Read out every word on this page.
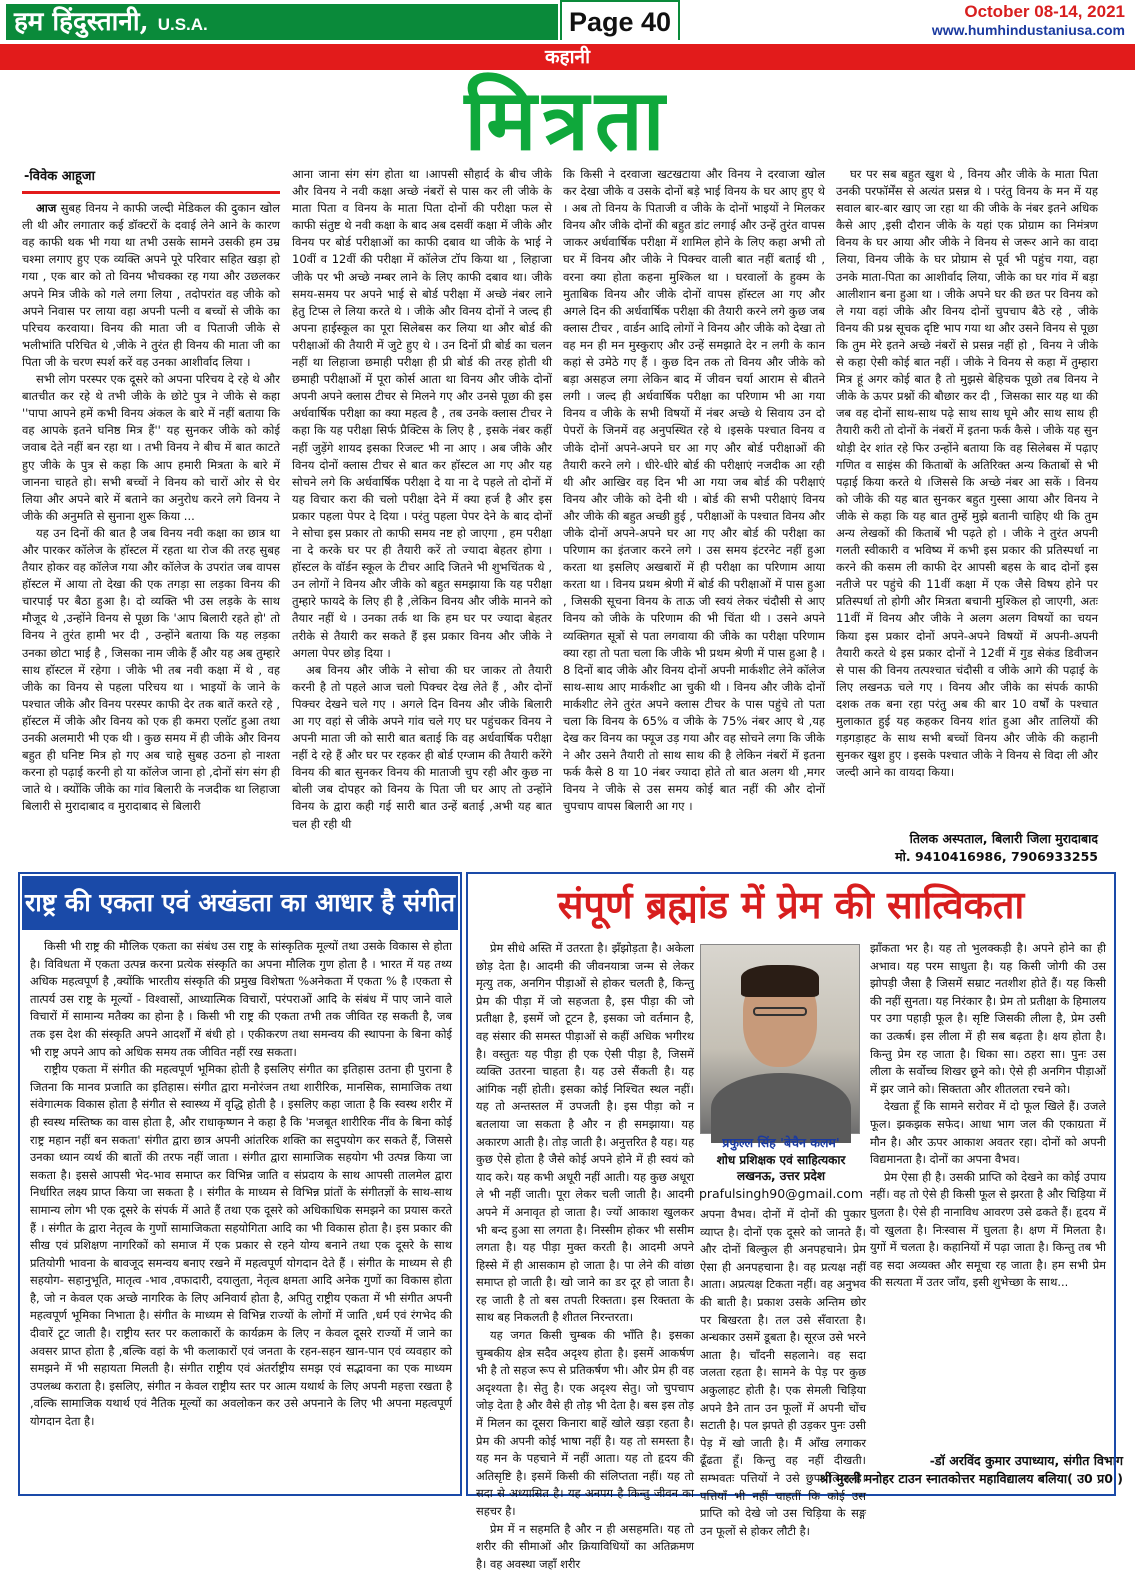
हम हिंदुस्तानी, U.S.A.	Page 40	October 08-14, 2021
www.humhindustaniusa.com
कहानी
मित्रता

-विवेक आहूजा

आज सुबह विनय ने काफी जल्दी मेडिकल की दुकान खोल ली थी और लगातार कई डॉक्टरों के दवाई लेने आने के कारण वह काफी थक भी गया था तभी उसके सामने उसकी हम उम्र चश्मा लगाए हुए एक व्यक्ति अपने पूरे परिवार सहित खड़ा हो गया , एक बार को तो विनय भौचक्का रह गया और उछलकर अपने मित्र जीके को गले लगा लिया , तदोपरांत वह जीके को अपने निवास पर लाया वहा अपनी पत्नी व बच्चों से जीके का परिचय करवाया। विनय की माता जी व पिताजी जीके से भलीभांति परिचित थे ,जीके ने तुरंत ही विनय की माता जी का पिता जी के चरण स्पर्श करें वह उनका आशीर्वाद लिया ।

सभी लोग परस्पर एक दूसरे को अपना परिचय दे रहे थे और बातचीत कर रहे थे तभी जीके के छोटे पुत्र ने जीके से कहा ''पापा आपने हमें कभी विनय अंकल के बारे में नहीं बताया कि वह आपके इतने घनिष्ठ मित्र हैं'' यह सुनकर जीके को कोई जवाब देते नहीं बन रहा था । तभी विनय ने बीच में बात काटते हुए जीके के पुत्र से कहा कि आप हमारी मित्रता के बारे में जानना चाहते हो। सभी बच्चों ने विनय को चारों ओर से घेर लिया और अपने बारे में बताने का अनुरोध करने लगे विनय ने जीके की अनुमति से सुनाना शुरू किया ...

यह उन दिनों की बात है जब विनय नवी कक्षा का छात्र था और पारकर कॉलेज के हॉस्टल में रहता था रोज की तरह सुबह तैयार होकर वह कॉलेज गया और कॉलेज के उपरांत जब वापस हॉस्टल में आया तो देखा की एक तगड़ा सा लड़का विनय की चारपाई पर बैठा हुआ है। दो व्यक्ति भी उस लड़के के साथ मौजूद थे ,उन्होंने विनय से पूछा कि 'आप बिलारी रहते हो' तो विनय ने तुरंत हामी भर दी , उन्होंने बताया कि यह लड़का उनका छोटा भाई है , जिसका नाम जीके हैं और यह अब तुम्हारे साथ हॉस्टल में रहेगा । जीके भी तब नवी कक्षा में थे , वह जीके का विनय से पहला परिचय था । भाइयों के जाने के पश्चात जीके और विनय परस्पर काफी देर तक बातें करते रहे , हॉस्टल में जीके और विनय को एक ही कमरा एलॉट हुआ तथा उनकी अलमारी भी एक थी । कुछ समय में ही जीके और विनय बहुत ही घनिष्ट मित्र हो गए अब चाहे सुबह उठना हो नाश्ता करना हो पढ़ाई करनी हो या कॉलेज जाना हो ,दोनों संग संग ही जाते थे । क्योंकि जीके का गांव बिलारी के नजदीक था लिहाजा बिलारी से मुरादाबाद व मुरादाबाद से बिलारी

आना जाना संग संग होता था ।आपसी सौहार्द के बीच जीके और विनय ने नवी कक्षा अच्छे नंबरों से पास कर ली जीके के माता पिता व विनय के माता पिता दोनों की परीक्षा फल से काफी संतुष्ट थे नवी कक्षा के बाद अब दसवीं कक्षा में जीके और विनय पर बोर्ड परीक्षाओं का काफी दबाव था जीके के भाई ने 10वीं व 12वीं की परीक्षा में कॉलेज टॉप किया था , लिहाजा जीके पर भी अच्छे नम्बर लाने के लिए काफी दबाव था। जीके समय-समय पर अपने भाई से बोर्ड परीक्षा में अच्छे नंबर लाने हेतु टिप्स ले लिया करते थे । जीके और विनय दोनों ने जल्द ही अपना हाईस्कूल का पूरा सिलेबस कर लिया था और बोर्ड की परीक्षाओं की तैयारी में जुटे हुए थे । उन दिनों प्री बोर्ड का चलन नहीं था लिहाजा छमाही परीक्षा ही प्री बोर्ड की तरह होती थी छमाही परीक्षाओं में पूरा कोर्स आता था विनय और जीके दोनों अपनी अपने क्लास टीचर से मिलने गए और उनसे पूछा की इस अर्धवार्षिक परीक्षा का क्या महत्व है , तब उनके क्लास टीचर ने कहा कि यह परीक्षा सिर्फ प्रैक्टिस के लिए है , इसके नंबर कहीं नहीं जुड़ेंगे शायद इसका रिजल्ट भी ना आए । अब जीके और विनय दोनों क्लास टीचर से बात कर हॉस्टल आ गए और यह सोचने लगे कि अर्धवार्षिक परीक्षा दे या ना दे पहले तो दोनों में यह विचार करा की चलो परीक्षा देने में क्या हर्ज है और इस प्रकार पहला पेपर दे दिया । परंतु पहला पेपर देने के बाद दोनों ने सोचा इस प्रकार तो काफी समय नष्ट हो जाएगा , हम परीक्षा ना दे करके घर पर ही तैयारी करें तो ज्यादा बेहतर होगा । हॉस्टल के वॉर्डन स्कूल के टीचर आदि जितने भी शुभचिंतक थे , उन लोगों ने विनय और जीके को बहुत समझाया कि यह परीक्षा तुम्हारे फायदे के लिए ही है ,लेकिन विनय और जीके मानने को तैयार नहीं थे । उनका तर्क था कि हम घर पर ज्यादा बेहतर तरीके से तैयारी कर सकते हैं इस प्रकार विनय और जीके ने अगला पेपर छोड़ दिया ।

अब विनय और जीके ने सोचा की घर जाकर तो तैयारी करनी है तो पहले आज चलो पिक्चर देख लेते हैं , और दोनों पिक्चर देखने चले गए । अगले दिन विनय और जीके बिलारी आ गए वहां से जीके अपने गांव चले गए घर पहुंचकर विनय ने अपनी माता जी को सारी बात बताई कि वह अर्धवार्षिक परीक्षा नहीं दे रहे हैं और घर पर रहकर ही बोर्ड एग्जाम की तैयारी करेंगे विनय की बात सुनकर विनय की माताजी चुप रही और कुछ ना बोली जब दोपहर को विनय के पिता जी घर आए तो उन्होंने विनय के द्वारा कही गई सारी बात उन्हें बताई ,अभी यह बात चल ही रही थी

कि किसी ने दरवाजा खटखटाया और विनय ने दरवाजा खोल कर देखा जीके व उसके दोनों बड़े भाई विनय के घर आए हुए थे । अब तो विनय के पिताजी व जीके के दोनों भाइयों ने मिलकर विनय और जीके दोनों की बहुत डांट लगाई और उन्हें तुरंत वापस जाकर अर्धवार्षिक परीक्षा में शामिल होने के लिए कहा अभी तो घर में विनय और जीके ने पिक्चर वाली बात नहीं बताई थी , वरना क्या होता कहना मुश्किल था । घरवालों के हुक्म के मुताबिक विनय और जीके दोनों वापस हॉस्टल आ गए और अगले दिन की अर्धवार्षिक परीक्षा की तैयारी करने लगे कुछ जब क्लास टीचर , वार्डन आदि लोगों ने विनय और जीके को देखा तो वह मन ही मन मुस्कुराए और उन्हें समझाते देर न लगी के कान कहां से उमेठे गए हैं । कुछ दिन तक तो विनय और जीके को बड़ा असहज लगा लेकिन बाद में जीवन चर्या आराम से बीतने लगी । जल्द ही अर्धवार्षिक परीक्षा का परिणाम भी आ गया विनय व जीके के सभी विषयों में नंबर अच्छे थे सिवाय उन दो पेपरों के जिनमें वह अनुपस्थित रहे थे ।इसके पश्चात विनय व जीके दोनों अपने-अपने घर आ गए और बोर्ड परीक्षाओं की तैयारी करने लगे । धीरे-धीरे बोर्ड की परीक्षाएं नजदीक आ रही थी और आखिर वह दिन भी आ गया जब बोर्ड की परीक्षाएं विनय और जीके को देनी थी । बोर्ड की सभी परीक्षाएं विनय और जीके की बहुत अच्छी हुई , परीक्षाओं के पश्चात विनय और जीके दोनों अपने-अपने घर आ गए और बोर्ड की परीक्षा का परिणाम का इंतजार करने लगे । उस समय इंटरनेट नहीं हुआ करता था इसलिए अखबारों में ही परीक्षा का परिणाम आया करता था । विनय प्रथम श्रेणी में बोर्ड की परीक्षाओं में पास हुआ , जिसकी सूचना विनय के ताऊ जी स्वयं लेकर चंदौसी से आए विनय को जीके के परिणाम की भी चिंता थी । उसने अपने व्यक्तिगत सूत्रों से पता लगवाया की जीके का परीक्षा परिणाम क्या रहा तो पता चला कि जीके भी प्रथम श्रेणी में पास हुआ है । 8 दिनों बाद जीके और विनय दोनों अपनी मार्कशीट लेने कॉलेज साथ-साथ आए मार्कशीट आ चुकी थी । विनय और जीके दोनों मार्कशीट लेने तुरंत अपने क्लास टीचर के पास पहुंचे तो पता चला कि विनय के 65% व जीके के 75% नंबर आए थे ,यह देख कर विनय का फ्यूज उड़ गया और वह सोचने लगा कि जीके ने और उसने तैयारी तो साथ साथ की है लेकिन नंबरों में इतना फर्क कैसे 8 या 10 नंबर ज्यादा होते तो बात अलग थी ,मगर विनय ने जीके से उस समय कोई बात नहीं की और दोनों चुपचाप वापस बिलारी आ गए ।

घर पर सब बहुत खुश थे , विनय और जीके के माता पिता उनकी परफॉर्मेंस से अत्यंत प्रसन्न थे । परंतु विनय के मन में यह सवाल बार-बार खाए जा रहा था की जीके के नंबर इतने अधिक कैसे आए ,इसी दौरान जीके के यहां एक प्रोग्राम का निमंत्रण विनय के घर आया और जीके ने विनय से जरूर आने का वादा लिया, विनय जीके के घर प्रोग्राम से पूर्व भी पहुंच गया, वहा उनके माता-पिता का आशीर्वाद लिया, जीके का घर गांव में बड़ा आलीशान बना हुआ था । जीके अपने घर की छत पर विनय को ले गया वहां जीके और विनय दोनों चुपचाप बैठे रहे , जीके विनय की प्रश्न सूचक दृष्टि भाप गया था और उसने विनय से पूछा कि तुम मेरे इतने अच्छे नंबरों से प्रसन्न नहीं हो , विनय ने जीके से कहा ऐसी कोई बात नहीं । जीके ने विनय से कहा में तुम्हारा मित्र हूं अगर कोई बात है तो मुझसे बेहिचक पूछो तब विनय ने जीके के ऊपर प्रश्नों की बौछार कर दी , जिसका सार यह था की जब वह दोनों साथ-साथ पढ़े साथ साथ घूमे और साथ साथ ही तैयारी करी तो दोनों के नंबरों में इतना फर्क कैसे । जीके यह सुन थोड़ी देर शांत रहे फिर उन्होंने बताया कि वह सिलेबस में पढ़ाए गणित व साइंस की किताबों के अतिरिक्त अन्य किताबों से भी पढ़ाई किया करते थे ।जिससे कि अच्छे नंबर आ सकें । विनय को जीके की यह बात सुनकर बहुत गुस्सा आया और विनय ने जीके से कहा कि यह बात तुम्हें मुझे बतानी चाहिए थी कि तुम अन्य लेखकों की किताबें भी पढ़ते हो । जीके ने तुरंत अपनी गलती स्वीकारी व भविष्य में कभी इस प्रकार की प्रतिस्पर्धा ना करने की कसम ली काफी देर आपसी बहस के बाद दोनों इस नतीजे पर पहुंचे की 11वीं कक्षा में एक जैसे विषय होने पर प्रतिस्पर्धा तो होगी और मित्रता बचानी मुश्किल हो जाएगी, अतः 11वीं में विनय और जीके ने अलग अलग विषयों का चयन किया इस प्रकार दोनों अपने-अपने विषयों में अपनी-अपनी तैयारी करते थे इस प्रकार दोनों ने 12वीं में गुड सेकंड डिवीजन से पास की विनय तत्पश्चात चंदौसी व जीके आगे की पढ़ाई के लिए लखनऊ चले गए । विनय और जीके का संपर्क काफी दशक तक बना रहा परंतु अब की बार 10 वर्षों के पश्चात मुलाकात हुई यह कहकर विनय शांत हुआ और तालियों की गड़गड़ाहट के साथ सभी बच्चों विनय और जीके की कहानी सुनकर खुश हुए । इसके पश्चात जीके ने विनय से विदा ली और जल्दी आने का वायदा किया।

तिलक अस्पताल, बिलारी जिला मुरादाबाद
मो. 9410416986, 7906933255
राष्ट्र की एकता एवं अखंडता का आधार है संगीत

किसी भी राष्ट्र की मौलिक एकता का संबंध उस राष्ट्र के सांस्कृतिक मूल्यों तथा उसके विकास से होता है। विविधता में एकता उत्पन्न करना प्रत्येक संस्कृति का अपना मौलिक गुण होता है । भारत में यह तथ्य अधिक महत्वपूर्ण है ,क्योंकि भारतीय संस्कृति की प्रमुख विशेषता %अनेकता में एकता % है ।एकता से तात्पर्य उस राष्ट्र के मूल्यों - विश्वासों, आध्यात्मिक विचारों, परंपराओं आदि के संबंध में पाए जाने वाले विचारों में सामान्य मतैक्य का होना है । किसी भी राष्ट्र की एकता तभी तक जीवित रह सकती है, जब तक इस देश की संस्कृति अपने आदर्शों में बंधी हो । एकीकरण तथा समन्वय की स्थापना के बिना कोई भी राष्ट्र अपने आप को अधिक समय तक जीवित नहीं रख सकता।

राष्ट्रीय एकता में संगीत की महत्वपूर्ण भूमिका होती है इसलिए संगीत का इतिहास उतना ही पुराना है जितना कि मानव प्रजाति का इतिहास। संगीत द्वारा मनोरंजन तथा शारीरिक, मानसिक, सामाजिक तथा संवेगात्मक विकास होता है संगीत से स्वास्थ्य में वृद्धि होती है । इसलिए कहा जाता है कि स्वस्थ शरीर में ही स्वस्थ मस्तिष्क का वास होता है, और राधाकृष्णन ने कहा है कि 'मजबूत शारीरिक नींव के बिना कोई राष्ट्र महान नहीं बन सकता' संगीत द्वारा छात्र अपनी आंतरिक शक्ति का सदुपयोग कर सकते हैं, जिससे उनका ध्यान व्यर्थ की बातों की तरफ नहीं जाता । संगीत द्वारा सामाजिक सहयोग भी उत्पन्न किया जा सकता है। इससे आपसी भेद-भाव समाप्त कर विभिन्न जाति व संप्रदाय के साथ आपसी तालमेल द्वारा निर्धारित लक्ष्य प्राप्त किया जा सकता है । संगीत के माध्यम से विभिन्न प्रांतों के संगीतज्ञों के साथ-साथ सामान्य लोग भी एक दूसरे के संपर्क में आते हैं तथा एक दूसरे को अधिकाधिक समझने का प्रयास करते हैं । संगीत के द्वारा नेतृत्व के गुणों सामाजिकता सहयोगिता आदि का भी विकास होता है। इस प्रकार की सीख एवं प्रशिक्षण नागरिकों को समाज में एक प्रकार से रहने योग्य बनाने तथा एक दूसरे के साथ प्रतियोगी भावना के बावजूद समन्वय बनाए रखने में महत्वपूर्ण योगदान देते हैं । संगीत के माध्यम से ही सहयोग- सहानुभूति, मातृत्व -भाव ,वफादारी, दयालुता, नेतृत्व क्षमता आदि अनेक गुणों का विकास होता है, जो न केवल एक अच्छे नागरिक के लिए अनिवार्य होता है, अपितु राष्ट्रीय एकता में भी संगीत अपनी महत्वपूर्ण भूमिका निभाता है। संगीत के माध्यम से विभिन्न राज्यों के लोगों में जाति ,धर्म एवं रंगभेद की दीवारें टूट जाती है। राष्ट्रीय स्तर पर कलाकारों के कार्यक्रम के लिए न केवल दूसरे राज्यों में जाने का अवसर प्राप्त होता है ,बल्कि वहां के भी कलाकारों एवं जनता के रहन-सहन खान-पान एवं व्यवहार को समझने में भी सहायता मिलती है। संगीत राष्ट्रीय एवं अंतर्राष्ट्रीय समझ एवं सद्भावना का एक माध्यम उपलब्ध कराता है। इसलिए, संगीत न केवल राष्ट्रीय स्तर पर आत्म यथार्थ के लिए अपनी महत्ता रखता है ,वल्कि सामाजिक यथार्थ एवं नैतिक मूल्यों का अवलोकन कर उसे अपनाने के लिए भी अपना महत्वपूर्ण योगदान देता है।

-डॉ अरविंद कुमार उपाध्याय, संगीत विभाग
श्री मुरली मनोहर टाउन स्नातकोत्तर महाविद्यालय बलिया( उ0 प्र0 )
संपूर्ण ब्रह्मांड में प्रेम की सात्विकता

प्रेम सीधे अस्ति में उतरता है। झँझोड़ता है। अकेला छोड़ देता है। आदमी की जीवनयात्रा जन्म से लेकर मृत्यु तक, अनगिन पीड़ाओं से होकर चलती है, किन्तु प्रेम की पीड़ा में जो सहजता है, इस पीड़ा की जो प्रतीक्षा है, इसमें जो टूटन है, इसका जो वर्तमान है, वह संसार की समस्त पीड़ाओं से कहीं अधिक भगीरथ है। वस्तुतः यह पीड़ा ही एक ऐसी पीड़ा है, जिसमें व्यक्ति उतरना चाहता है। यह उसे सैंकती है। यह आंगिक नहीं होती। इसका कोई निश्चित स्थल नहीं। यह तो अन्तस्तल में उपजती है। इस पीड़ा को न बतलाया जा सकता है और न ही समझाया। यह अकारण आती है। तोड़ जाती है। अनुत्तरित है यह। यह कुछ ऐसे होता है जैसे कोई अपने होने में ही स्वयं को याद करे। यह कभी अधूरी नहीं आती। यह कुछ अधूरा ले भी नहीं जाती। पूरा लेकर चली जाती है। आदमी अपने में अनावृत हो जाता है। ज्यों आकाश खुलकर भी बन्द हुआ सा लगता है। निस्सीम होकर भी ससीम लगता है। यह पीड़ा मुक्त करती है। आदमी अपने हिस्से में ही आसकाम हो जाता है। पा लेने की वांछा समाप्त हो जाती है। खो जाने का डर दूर हो जाता है। रह जाती है तो बस तपती रिक्तता। इस रिक्तता के साथ बह निकलती है शीतल निरन्तरता।

यह जगत किसी चुम्बक की भाँति है। इसका चुम्बकीय क्षेत्र सदैव अदृश्य होता है। इसमें आकर्षण भी है तो सहज रूप से प्रतिकर्षण भी। और प्रेम ही वह अदृश्यता है। सेतु है। एक अदृश्य सेतु। जो चुपचाप जोड़ देता है और वैसे ही तोड़ भी देता है। बस इस तोड़ में मिलन का दूसरा किनारा बाहें खोले खड़ा रहता है। प्रेम की अपनी कोई भाषा नहीं है। यह तो समस्ता है। यह मन के पहचाने में नहीं आता। यह तो हृदय की अतिसृष्टि है। इसमें किसी की संलिप्तता नहीं। यह तो सदा से अध्यासित है। यह अनपग है किन्तु जीवन का सहचर है।

प्रेम में न सहमति है और न ही असहमति। यह तो शरीर की सीमाओं और क्रियाविधियों का अतिक्रमण है। वह अवस्था जहाँ शरीर

प्रफुल्ल सिंह 'बेचैन कलम'
शोध प्रशिक्षक एवं साहित्यकार
लखनऊ, उत्तर प्रदेश
prafulsingh90@gmail.com

अपना वैभव। दोनों में दोनों की पुकार व्याप्त है। दोनों एक दूसरे को जानते हैं। और दोनों बिल्कुल ही अनपहचाने। प्रेम ऐसा ही अनपहचाना है। वह प्रत्यक्ष नहीं आता। अप्रत्यक्ष टिकता नहीं। वह अनुभव की बाती है। प्रकाश उसके अन्तिम छोर पर बिखरता है। तल उसे सँवारता है। अन्धकार उसमें डूबता है। सूरज उसे भरने आता है। चाँदनी सहलाने। वह सदा जलता रहता है। सामने के पेड़ पर कुछ अकुलाहट होती है। एक सेमली चिड़िया अपने डैने तान उन फूलों में अपनी चोंच सटाती है। पल झपते ही उड़कर पुनः उसी पेड़ में खो जाती है। मैं आँख लगाकर ढूँढता हूँ। किन्तु वह नहीं दीखती। सम्भवतः पत्तियों ने उसे छुपा लिया है। पत्तियाँ भी नहीं चाहतीं कि कोई उस प्राप्ति को देखे जो उस चिड़िया के सङ्ग उन फूलों से होकर लौटी है।

झाँकता भर है। यह तो भुलक्कड़ी है। अपने होने का ही अभाव। यह परम साधुता है। यह किसी जोगी की उस झोपड़ी जैसा है जिसमें सम्राट नतशीश होते हैं। यह किसी की नहीं सुनता। यह निरंकार है। प्रेम तो प्रतीक्षा के हिमालय पर उगा पहाड़ी फूल है। सृष्टि जिसकी लीला है, प्रेम उसी का उत्कर्ष। इस लीला में ही सब बढ़ता है। क्षय होता है। किन्तु प्रेम रह जाता है। धिका सा। ठहरा सा। पुनः उस लीला के सर्वोच्च शिखर छूने को। ऐसे ही अनगिन पीड़ाओं में झर जाने को। सिक्तता और शीतलता रचने को।

देखता हूँ कि सामने सरोवर में दो फूल खिले हैं। उजले फूल। झकझक सफेद। आधा भाग जल की एकाग्रता में मौन है। और ऊपर आकाश अवतर रहा। दोनों को अपनी विद्यमानता है। दोनों का अपना वैभव।

प्रेम ऐसा ही है। उसकी प्राप्ति को देखने का कोई उपाय नहीं। वह तो ऐसे ही किसी फूल से झरता है और चिड़िया में घुलता है। ऐसे ही नानाविध आवरण उसे ढकते हैं। हृदय में वो खुलता है। निःस्वास में घुलता है। क्षण में मिलता है। युगों में चलता है। कहानियों में पढ़ा जाता है। किन्तु तब भी वह सदा अव्यक्त और समूचा रह जाता है। हम सभी प्रेम की सत्यता में उतर जाँय, इसी शुभेच्छा के साथ...
